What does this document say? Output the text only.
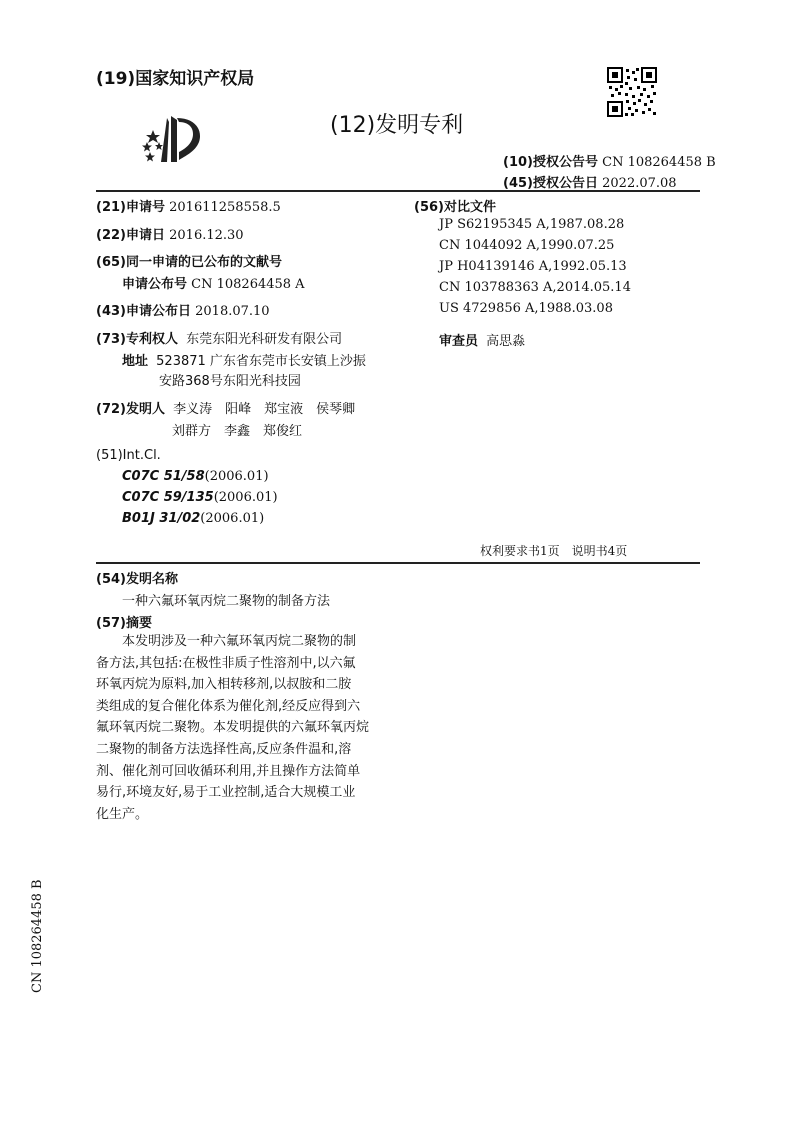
(19)国家知识产权局
(12)发明专利
(10)授权公告号 CN 108264458 B
(45)授权公告日 2022.07.08
(21)申请号 201611258558.5
(22)申请日 2016.12.30
(65)同一申请的已公布的文献号
申请公布号 CN 108264458 A
(43)申请公布日 2018.07.10
(73)专利权人 东莞东阳光科研发有限公司
地址 523871 广东省东莞市长安镇上沙振
安路368号东阳光科技园
(72)发明人 李义涛　阳峰　郑宝液　侯琴卿
刘群方　李鑫　郑俊红
(51)Int.Cl.
C07C 51/58(2006.01)
C07C 59/135(2006.01)
B01J 31/02(2006.01)
(56)对比文件
JP S62195345 A,1987.08.28
CN 1044092 A,1990.07.25
JP H04139146 A,1992.05.13
CN 103788363 A,2014.05.14
US 4729856 A,1988.03.08
审查员 高思淼
权利要求书1页　说明书4页
(54)发明名称
一种六氟环氧丙烷二聚物的制备方法
(57)摘要

本发明涉及一种六氟环氧丙烷二聚物的制

备方法,其包括:在极性非质子性溶剂中,以六氟

环氧丙烷为原料,加入相转移剂,以叔胺和二胺

类组成的复合催化体系为催化剂,经反应得到六

氟环氧丙烷二聚物。本发明提供的六氟环氧丙烷

二聚物的制备方法选择性高,反应条件温和,溶

剂、催化剂可回收循环利用,并且操作方法简单

易行,环境友好,易于工业控制,适合大规模工业

化生产。

CN 108264458 B
